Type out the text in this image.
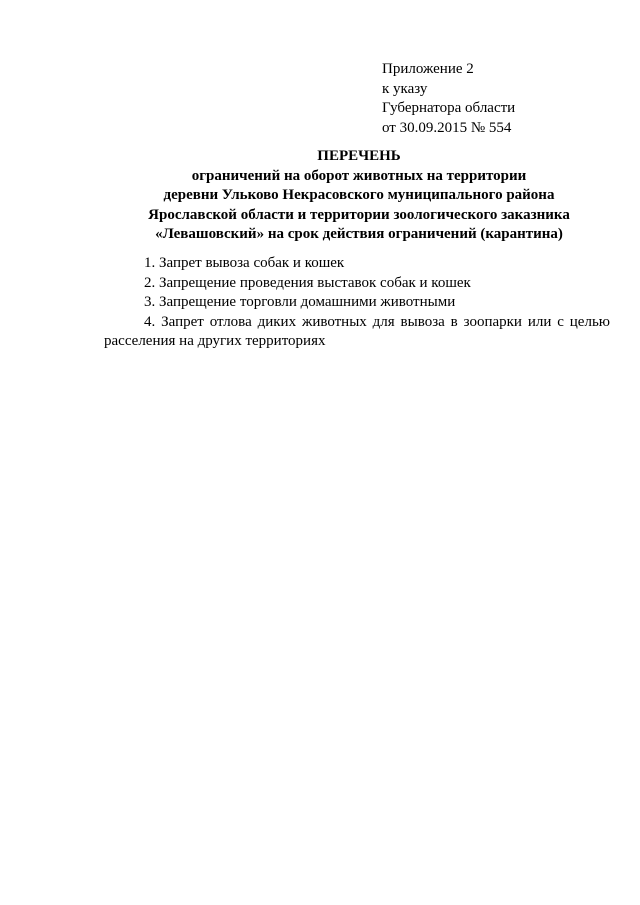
Приложение 2
к указу
Губернатора области
от 30.09.2015 № 554
ПЕРЕЧЕНЬ
ограничений на оборот животных на территории
деревни Ульково Некрасовского муниципального района
Ярославской области и территории зоологического заказника
«Левашовский» на срок действия ограничений (карантина)
1. Запрет вывоза собак и кошек
2. Запрещение проведения выставок собак и кошек
3. Запрещение торговли домашними животными
4. Запрет отлова диких животных для вывоза в зоопарки или с целью расселения на других территориях
